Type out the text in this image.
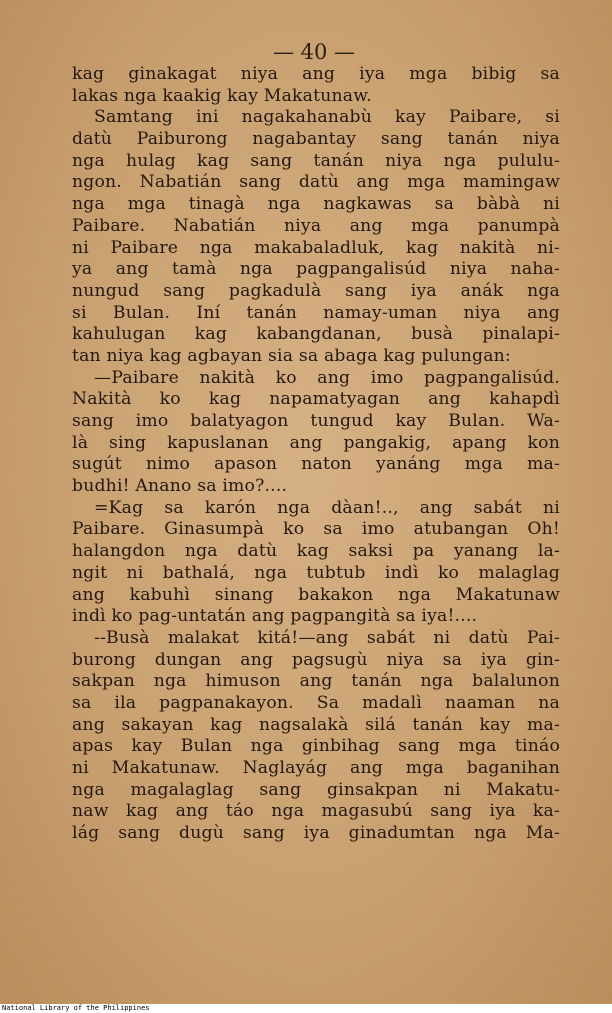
— 40 —
kag ginakagat niya ang iya mga bibig sa
lakas nga kaakig kay Makatunaw.
Samtang ini nagakahanabù kay Paibare, si
datù Paiburong nagabantay sang tanán niya
nga hulag kag sang tanán niya nga pululu-
ngon. Nabatián sang datù ang mga mamingaw
nga mga tinagà nga nagkawas sa bàbà ni
Paibare. Nabatián niya ang mga panumpà
ni Paibare nga makabaladluk, kag nakità ni-
ya ang tamà nga pagpangalisúd niya naha-
nungud sang pagkadulà sang iya anák nga
si Bulan. Iní tanán namay-uman niya ang
kahulugan kag kabangdanan, busà pinalapi-
tan niya kag agbayan sia sa abaga kag pulungan:
—Paibare nakità ko ang imo pagpangalisúd.
Nakità ko kag napamatyagan ang kahapdì
sang imo balatyagon tungud kay Bulan. Wa-
là sing kapuslanan ang pangakig, apang kon
sugút nimo apason naton yanáng mga ma-
budhi! Anano sa imo?....
=Kag sa karón nga dàan!.., ang sabát ni
Paibare. Ginasumpà ko sa imo atubangan Oh!
halangdon nga datù kag saksi pa yanang la-
ngit ni bathalá, nga tubtub indì ko malaglag
ang kabuhì sinang bakakon nga Makatunaw
indì ko pag-untatán ang pagpangità sa iya!....
--Busà malakat kitá!—ang sabát ni datù Pai-
burong dungan ang pagsugù niya sa iya gin-
sakpan nga himuson ang tanán nga balalunon
sa ila pagpanakayon. Sa madalì naaman na
ang sakayan kag nagsalakà silá tanán kay ma-
apas kay Bulan nga ginbihag sang mga tináo
ni Makatunaw. Naglayág ang mga baganihan
nga magalaglag sang ginsakpan ni Makatu-
naw kag ang táo nga magasubú sang iya ka-
lág sang dugù sang iya ginadumtan nga Ma-
National Library of the Philippines
